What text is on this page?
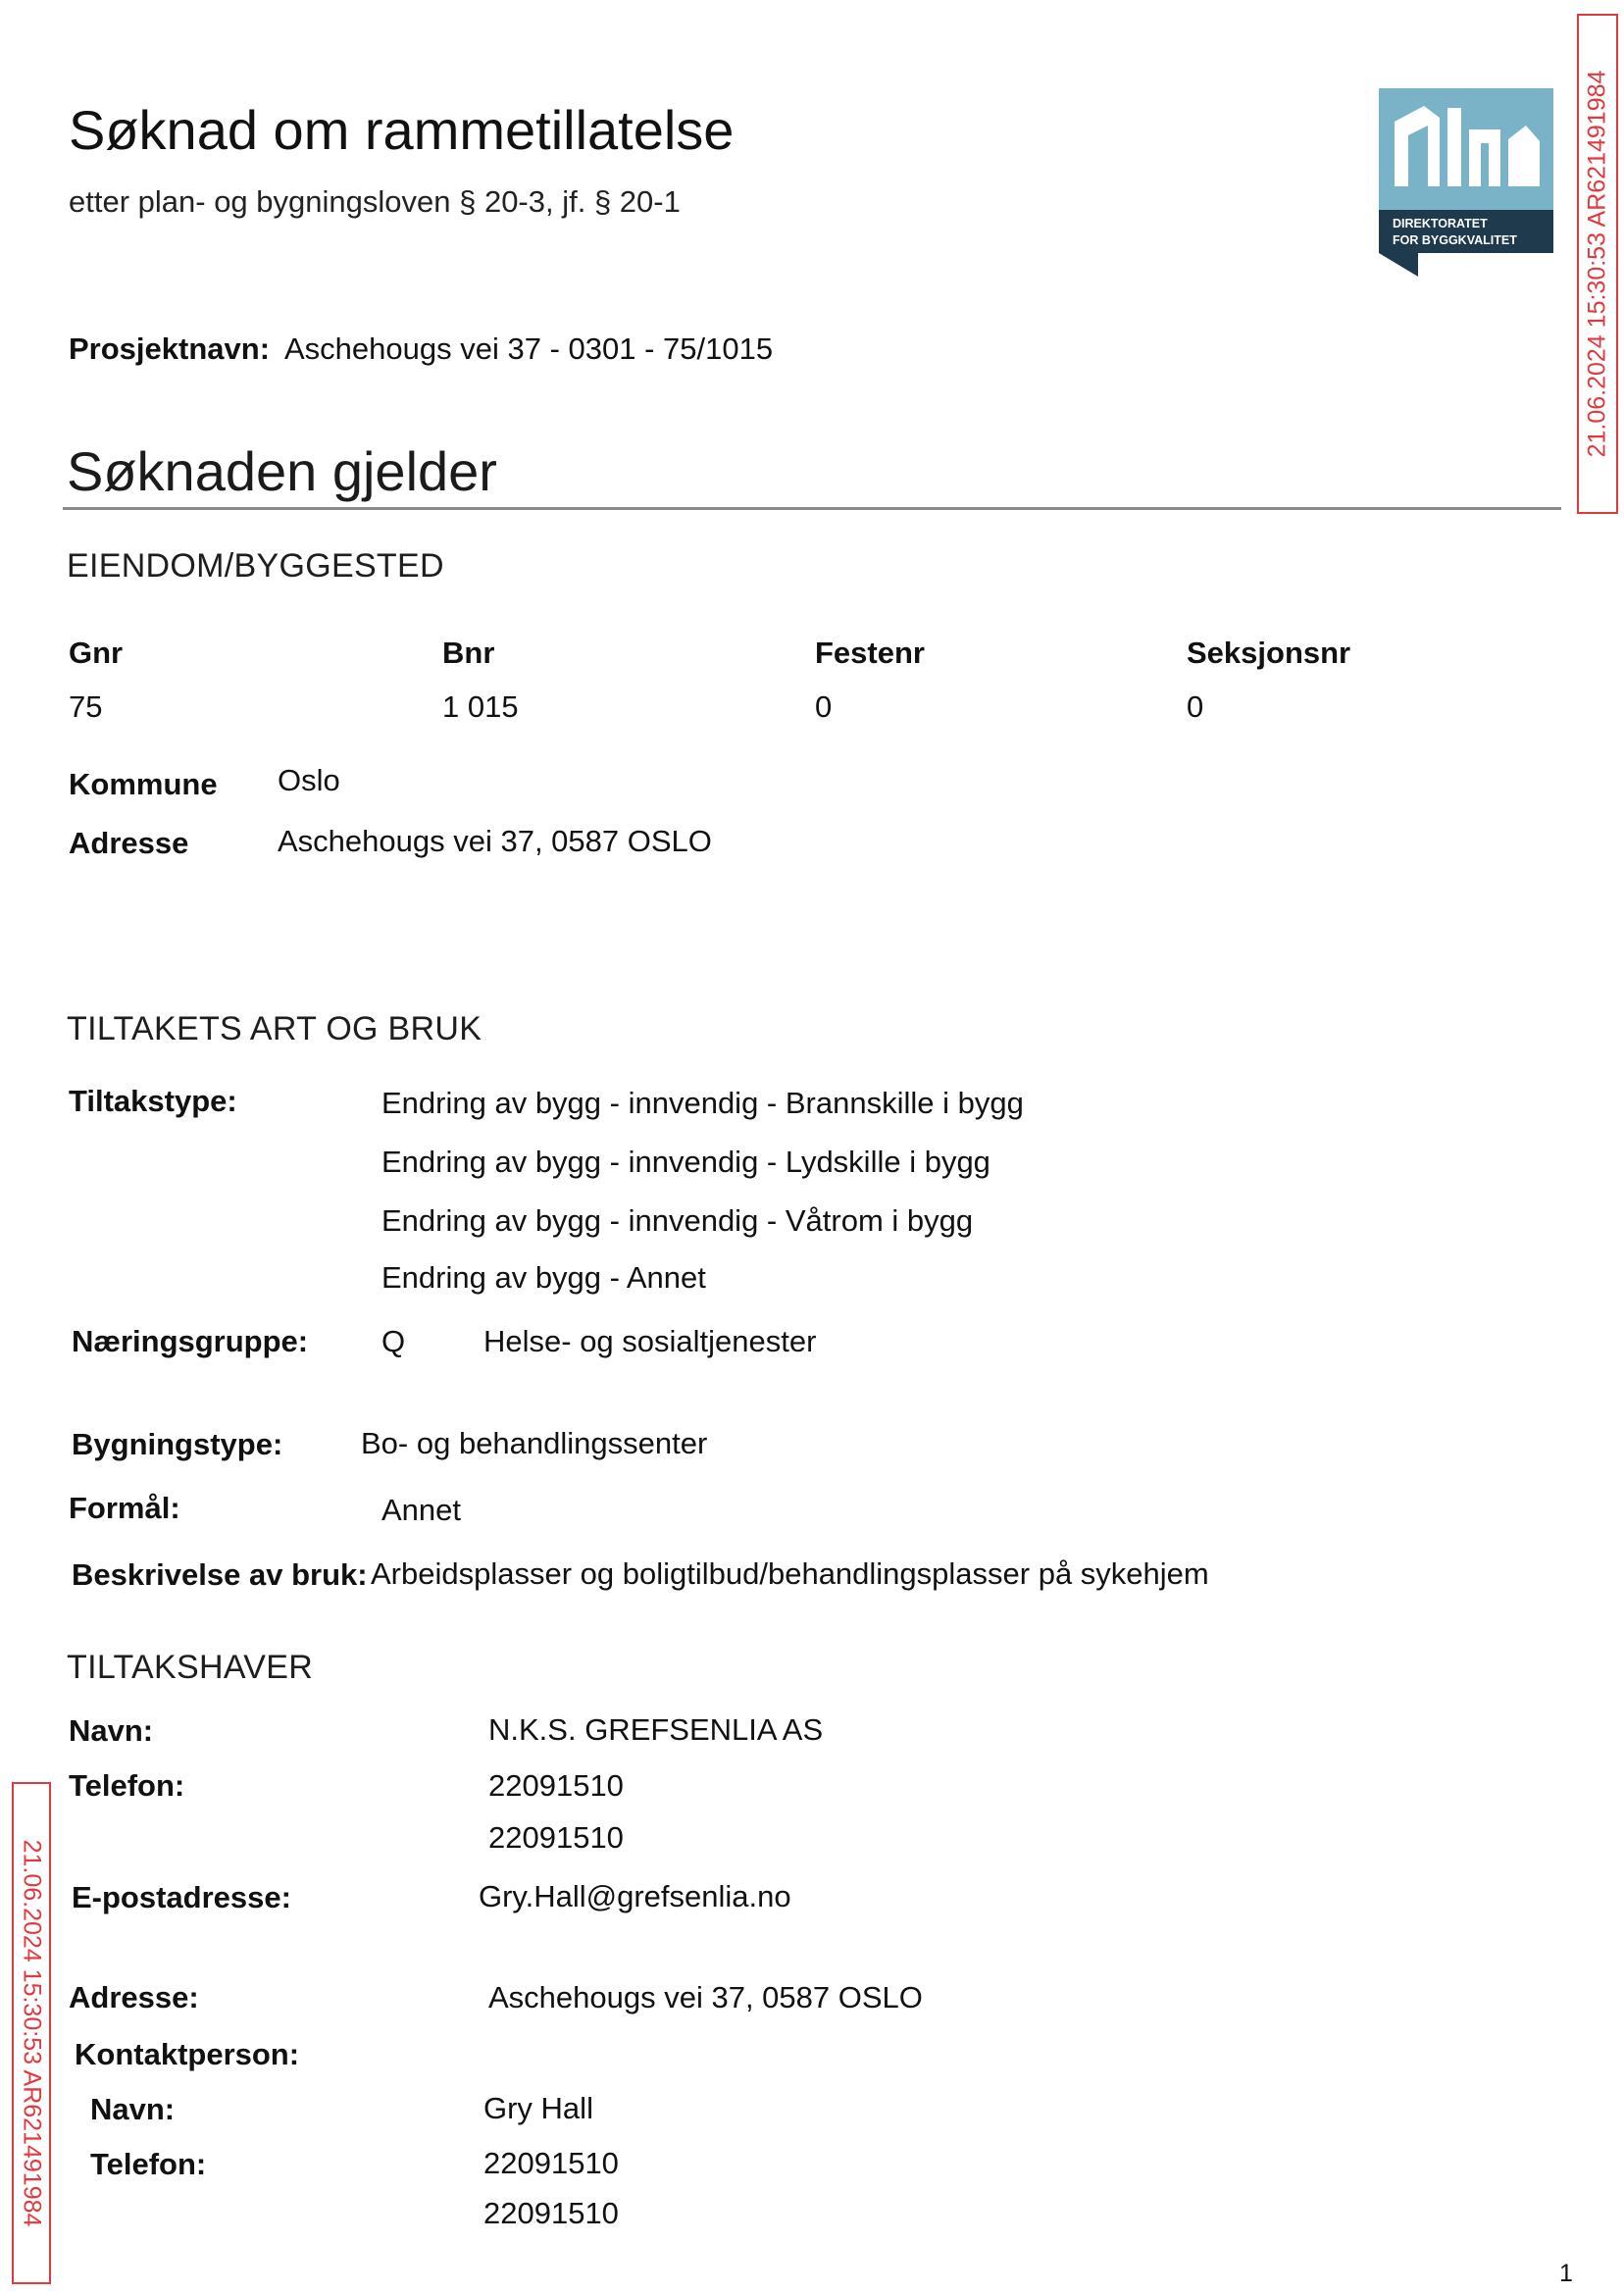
Søknad om rammetillatelse
etter plan- og bygningsloven § 20-3, jf. § 20-1
DIREKTORATET
FOR BYGGKVALITET
Prosjektnavn: Aschehougs vei 37 - 0301 - 75/1015
Søknaden gjelder
EIENDOM/BYGGESTED
Gnr	Bnr	Festenr	Seksjonsnr
75	1 015	0	0
Kommune Oslo
Adresse	Aschehougs vei 37, 0587 OSLO
TILTAKETS ART OG BRUK
Tiltakstype:	Endring av bygg - innvendig - Brannskille i bygg
Endring av bygg - innvendig - Lydskille i bygg
Endring av bygg - innvendig - Våtrom i bygg
Endring av bygg - Annet
Næringsgruppe: Q	Helse- og sosialtjenester
Bygningstype:	Bo- og behandlingssenter
Formål:	Annet
Beskrivelse av bruk: Arbeidsplasser og boligtilbud/behandlingsplasser på sykehjem
TILTAKSHAVER
Navn:	N.K.S. GREFSENLIA AS
Telefon:	22091510
22091510
E-postadresse:	Gry.Hall@grefsenlia.no
Adresse:	Aschehougs vei 37, 0587 OSLO
Kontaktperson:
Navn:	Gry Hall
Telefon:	22091510
22091510
21.06.2024 15:30:53 AR621491984
21.06.2024 15:30:53 AR621491984
1
